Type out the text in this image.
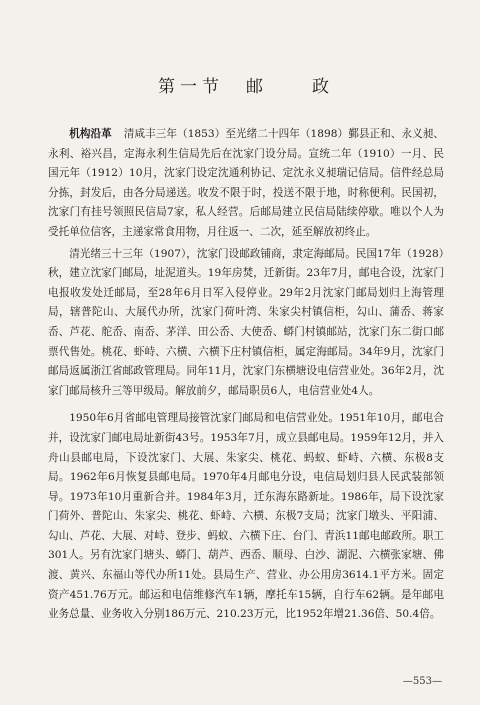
第一节　邮　　政
机构沿革 清咸丰三年（1853）至光绪二十四年（1898）鄞县正和、永义昶、永利、裕兴昌，定海永利生信局先后在沈家门设分局。宣统二年（1910）一月、民国元年（1912）10月，沈家门设定沈通利协记、定沈永义昶瑞记信局。信件经总局分拣，封发后，由各分局递送。收发不限于时，投送不限于地，时称便利。民国初，沈家门有挂号领照民信局7家，私人经营。后邮局建立民信局陆续停歇。唯以个人为受托单位信客，主递家常食用物，月往返一、二次，延至解放初终止。
清光绪三十三年（1907），沈家门设邮政铺商，隶定海邮局。民国17年（1928）秋，建立沈家门邮局，址泥道头。19年房焚，迁新街。23年7月，邮电合设，沈家门电报收发处迁邮局，至28年6月日军入侵停业。29年2月沈家门邮局划归上海管理局，辖普陀山、大展代办所，沈家门荷叶湾、朱家尖村镇信柜，勾山、蒲岙、蒋家岙、芦花、舵岙、南岙、茅洋、田公岙、大使岙、蟒门村镇邮站，沈家门东二街口邮票代售处。桃花、虾峙、六横、六横下庄村镇信柜，属定海邮局。34年9月，沈家门邮局返属浙江省邮政管理局。同年11月，沈家门东横塘设电信营业处。36年2月，沈家门邮局核升三等甲级局。解放前夕，邮局职员6人，电信营业处4人。
1950年6月省邮电管理局接管沈家门邮局和电信营业处。1951年10月，邮电合并，设沈家门邮电局址新街43号。1953年7月，成立县邮电局。1959年12月，并入舟山县邮电局，下设沈家门、大展、朱家尖、桃花、蚂蚁、虾峙、六横、东极8支局。1962年6月恢复县邮电局。1970年4月邮电分设，电信局划归县人民武装部领导。1973年10月重新合并。1984年3月，迁东海东路新址。1986年，局下设沈家门荷外、普陀山、朱家尖、桃花、虾峙、六横、东极7支局；沈家门墩头、平阳浦、勾山、芦花、大展、对峙、登步、蚂蚁、六横下庄、台门、青浜11邮电邮政所。职工301人。另有沈家门塘头、蟒门、葫芦、西岙、顺母、白沙、湖泥、六横张家塘、佛渡、黄兴、东福山等代办所11处。县局生产、营业、办公用房3614.1平方米。固定资产451.76万元。邮运和电信维修汽车1辆，摩托车15辆，自行车62辆。是年邮电业务总量、业务收入分别186万元、210.23万元，比1952年增21.36倍、50.4倍。
—553—
